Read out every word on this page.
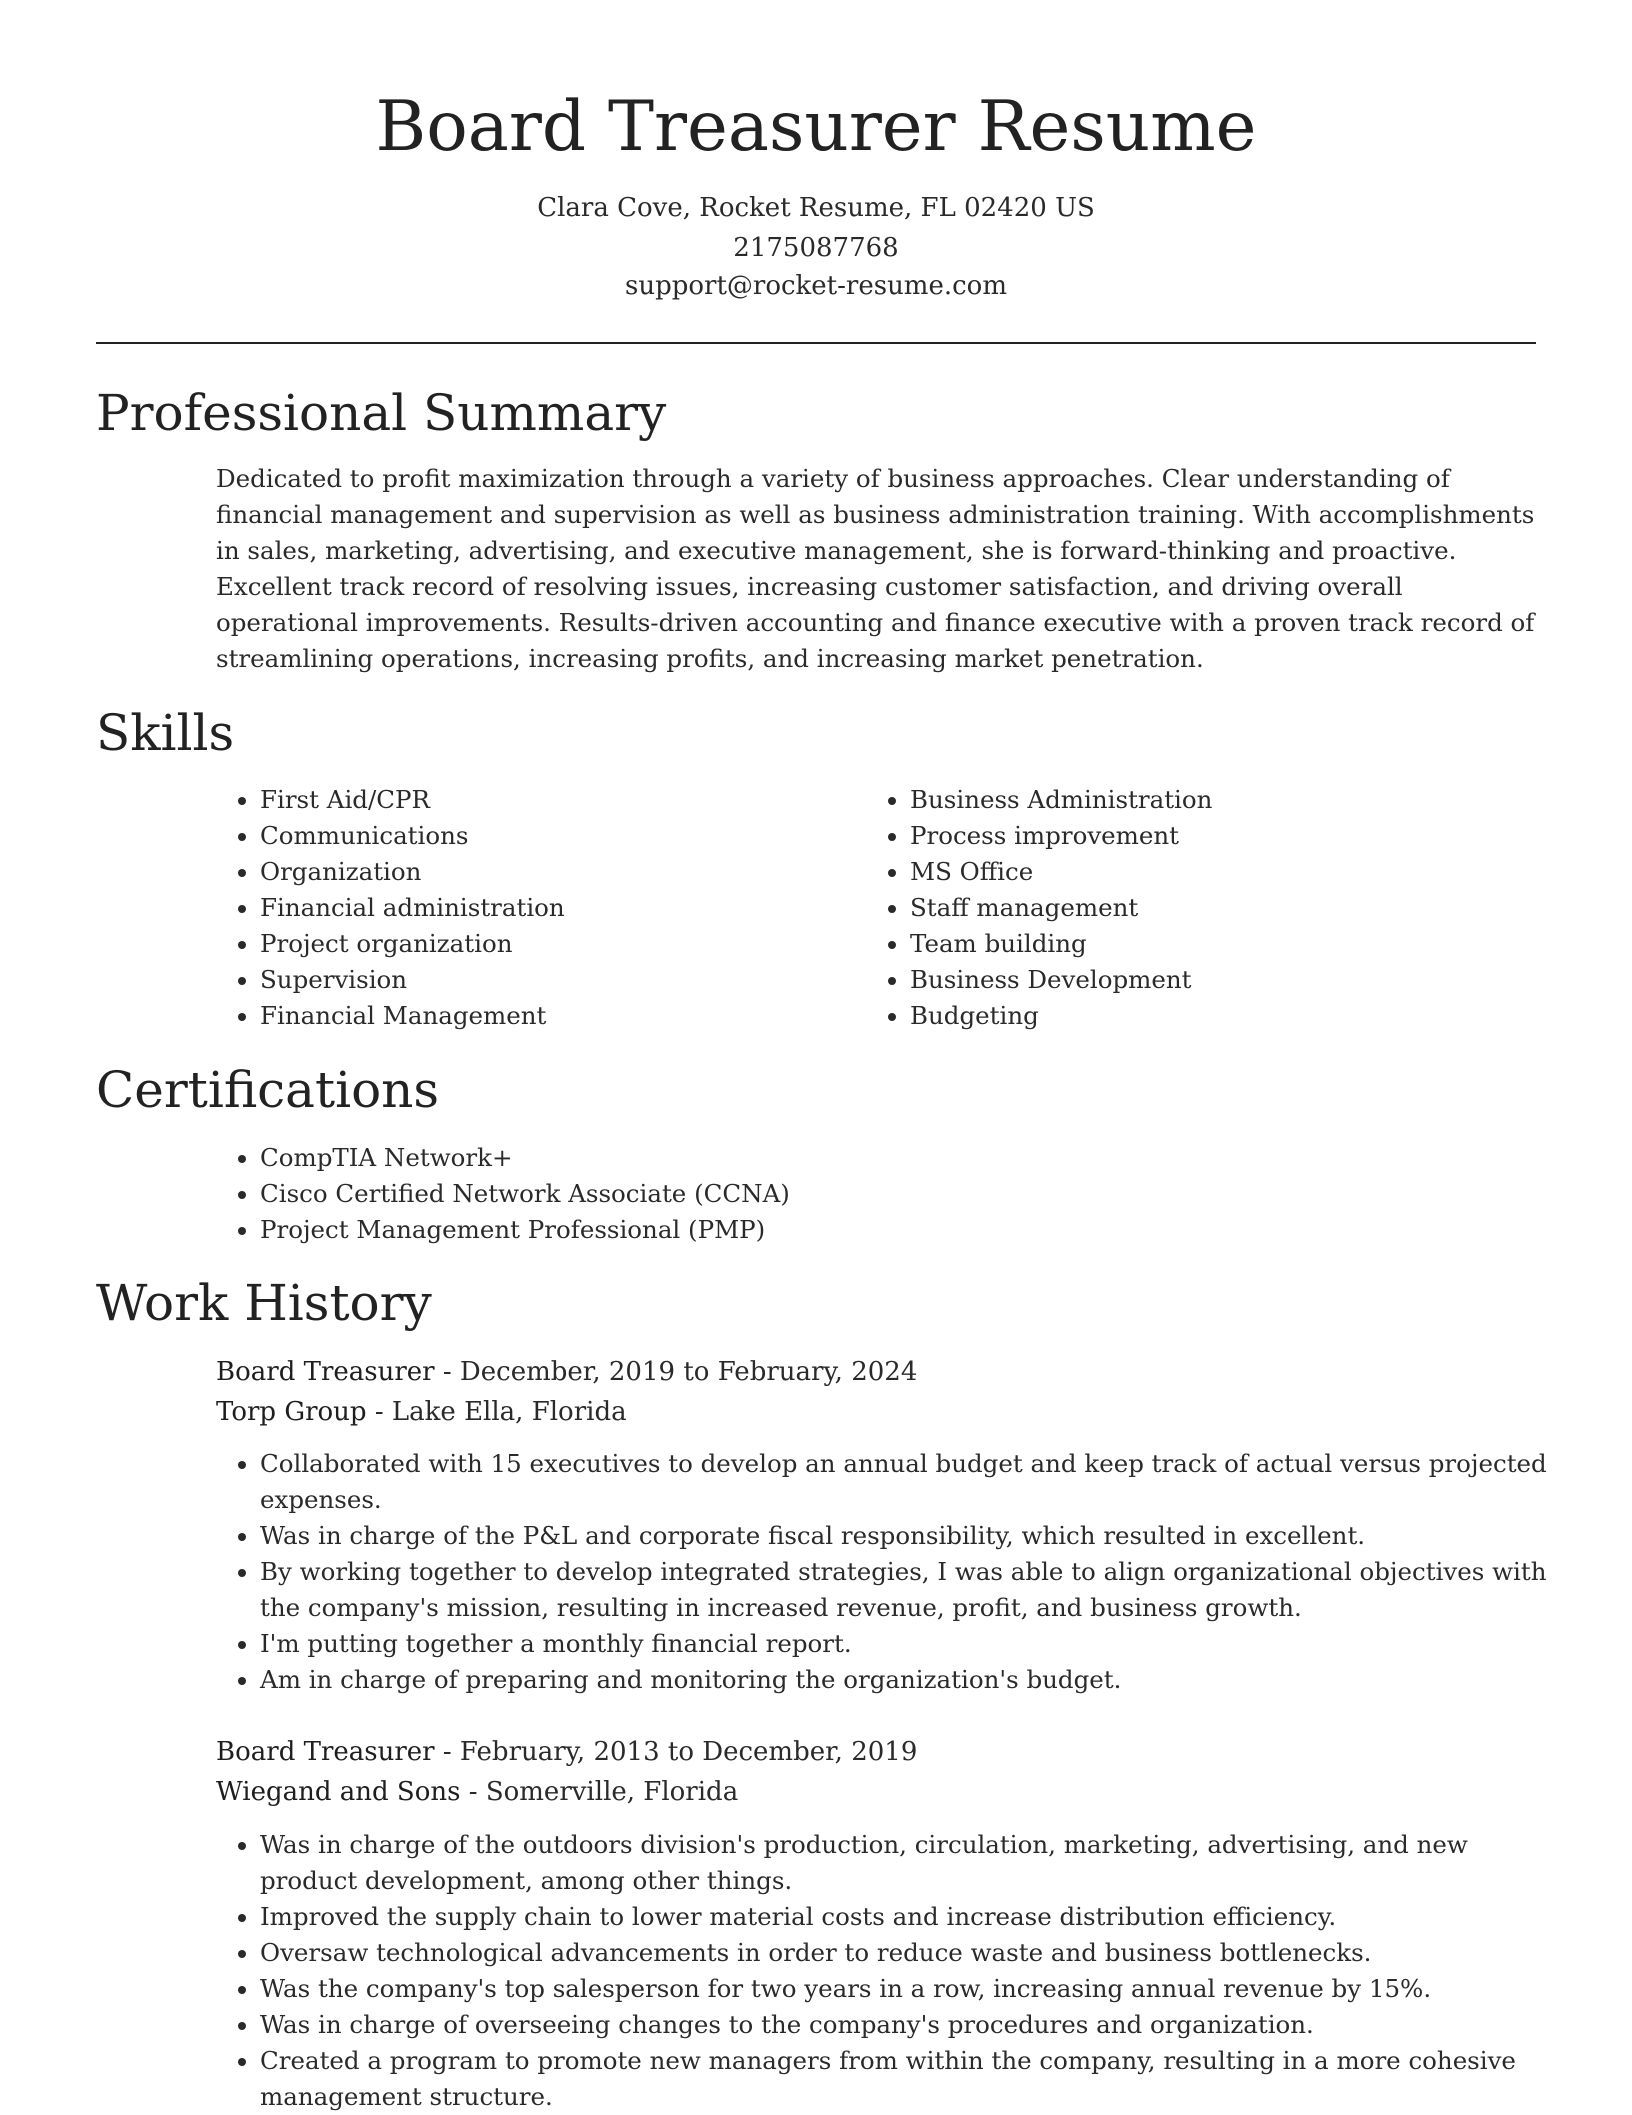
Board Treasurer Resume
Clara Cove, Rocket Resume, FL 02420 US
2175087768
support@rocket-resume.com
Professional Summary
Dedicated to profit maximization through a variety of business approaches. Clear understanding of financial management and supervision as well as business administration training. With accomplishments in sales, marketing, advertising, and executive management, she is forward-thinking and proactive. Excellent track record of resolving issues, increasing customer satisfaction, and driving overall operational improvements. Results-driven accounting and finance executive with a proven track record of streamlining operations, increasing profits, and increasing market penetration.
Skills
• First Aid/CPR
• Communications
• Organization
• Financial administration
• Project organization
• Supervision
• Financial Management
• Business Administration
• Process improvement
• MS Office
• Staff management
• Team building
• Business Development
• Budgeting
Certifications
• CompTIA Network+
• Cisco Certified Network Associate (CCNA)
• Project Management Professional (PMP)
Work History
Board Treasurer - December, 2019 to February, 2024
Torp Group - Lake Ella, Florida
• Collaborated with 15 executives to develop an annual budget and keep track of actual versus projected expenses.
• Was in charge of the P&L and corporate fiscal responsibility, which resulted in excellent.
• By working together to develop integrated strategies, I was able to align organizational objectives with the company's mission, resulting in increased revenue, profit, and business growth.
• I'm putting together a monthly financial report.
• Am in charge of preparing and monitoring the organization's budget.
Board Treasurer - February, 2013 to December, 2019
Wiegand and Sons - Somerville, Florida
• Was in charge of the outdoors division's production, circulation, marketing, advertising, and new product development, among other things.
• Improved the supply chain to lower material costs and increase distribution efficiency.
• Oversaw technological advancements in order to reduce waste and business bottlenecks.
• Was the company's top salesperson for two years in a row, increasing annual revenue by 15%.
• Was in charge of overseeing changes to the company's procedures and organization.
• Created a program to promote new managers from within the company, resulting in a more cohesive management structure.
